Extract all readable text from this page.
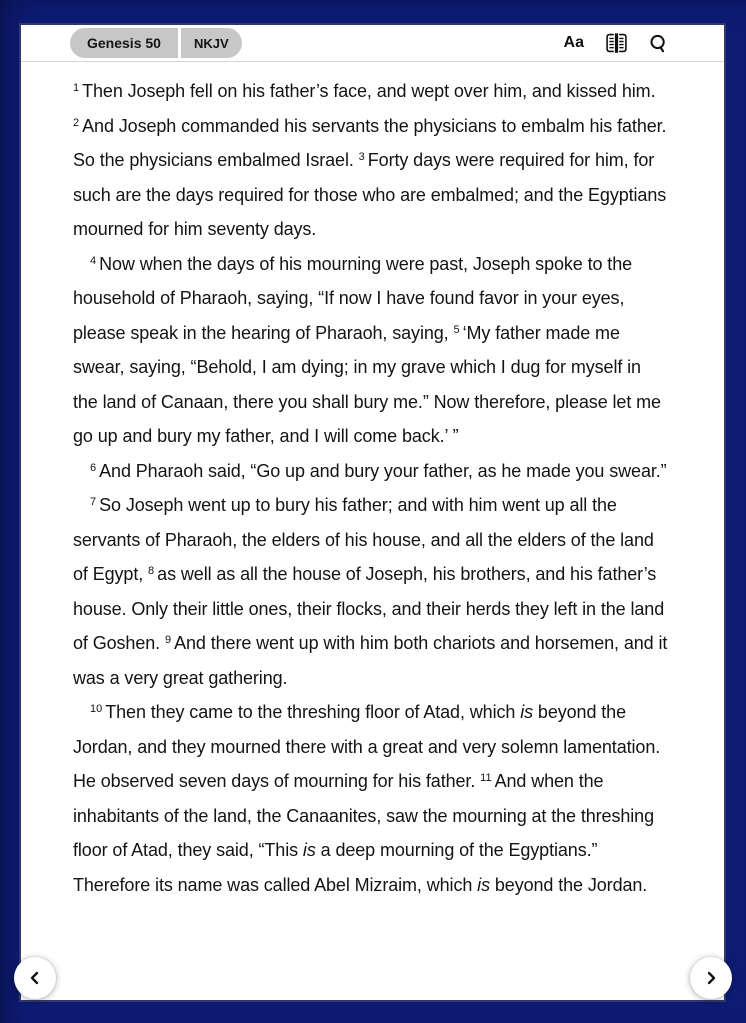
Genesis 50	NKJV	Aa

$^1$ Then Joseph fell on his father’s face, and wept over him, and kissed him. $^2$ And Joseph commanded his servants the physicians to embalm his father. So the physicians embalmed Israel. $^3$ Forty days were required for him, for such are the days required for those who are embalmed; and the Egyptians mourned for him seventy days.

$^4$ Now when the days of his mourning were past, Joseph spoke to the household of Pharaoh, saying, “If now I have found favor in your eyes, please speak in the hearing of Pharaoh, saying, $^5$ ‘My father made me swear, saying, “Behold, I am dying; in my grave which I dug for myself in the land of Canaan, there you shall bury me.” Now therefore, please let me go up and bury my father, and I will come back.’ ”

$^6$ And Pharaoh said, “Go up and bury your father, as he made you swear.”

$^7$ So Joseph went up to bury his father; and with him went up all the servants of Pharaoh, the elders of his house, and all the elders of the land of Egypt, $^8$ as well as all the house of Joseph, his brothers, and his father’s house. Only their little ones, their flocks, and their herds they left in the land of Goshen. $^9$ And there went up with him both chariots and horsemen, and it was a very great gathering.

$^{10}$ Then they came to the threshing floor of Atad, which is beyond the Jordan, and they mourned there with a great and very solemn lamentation. He observed seven days of mourning for his father. $^{11}$ And when the inhabitants of the land, the Canaanites, saw the mourning at the threshing floor of Atad, they said, “This is a deep mourning of the Egyptians.” Therefore its name was called Abel Mizraim, which is beyond the Jordan.
